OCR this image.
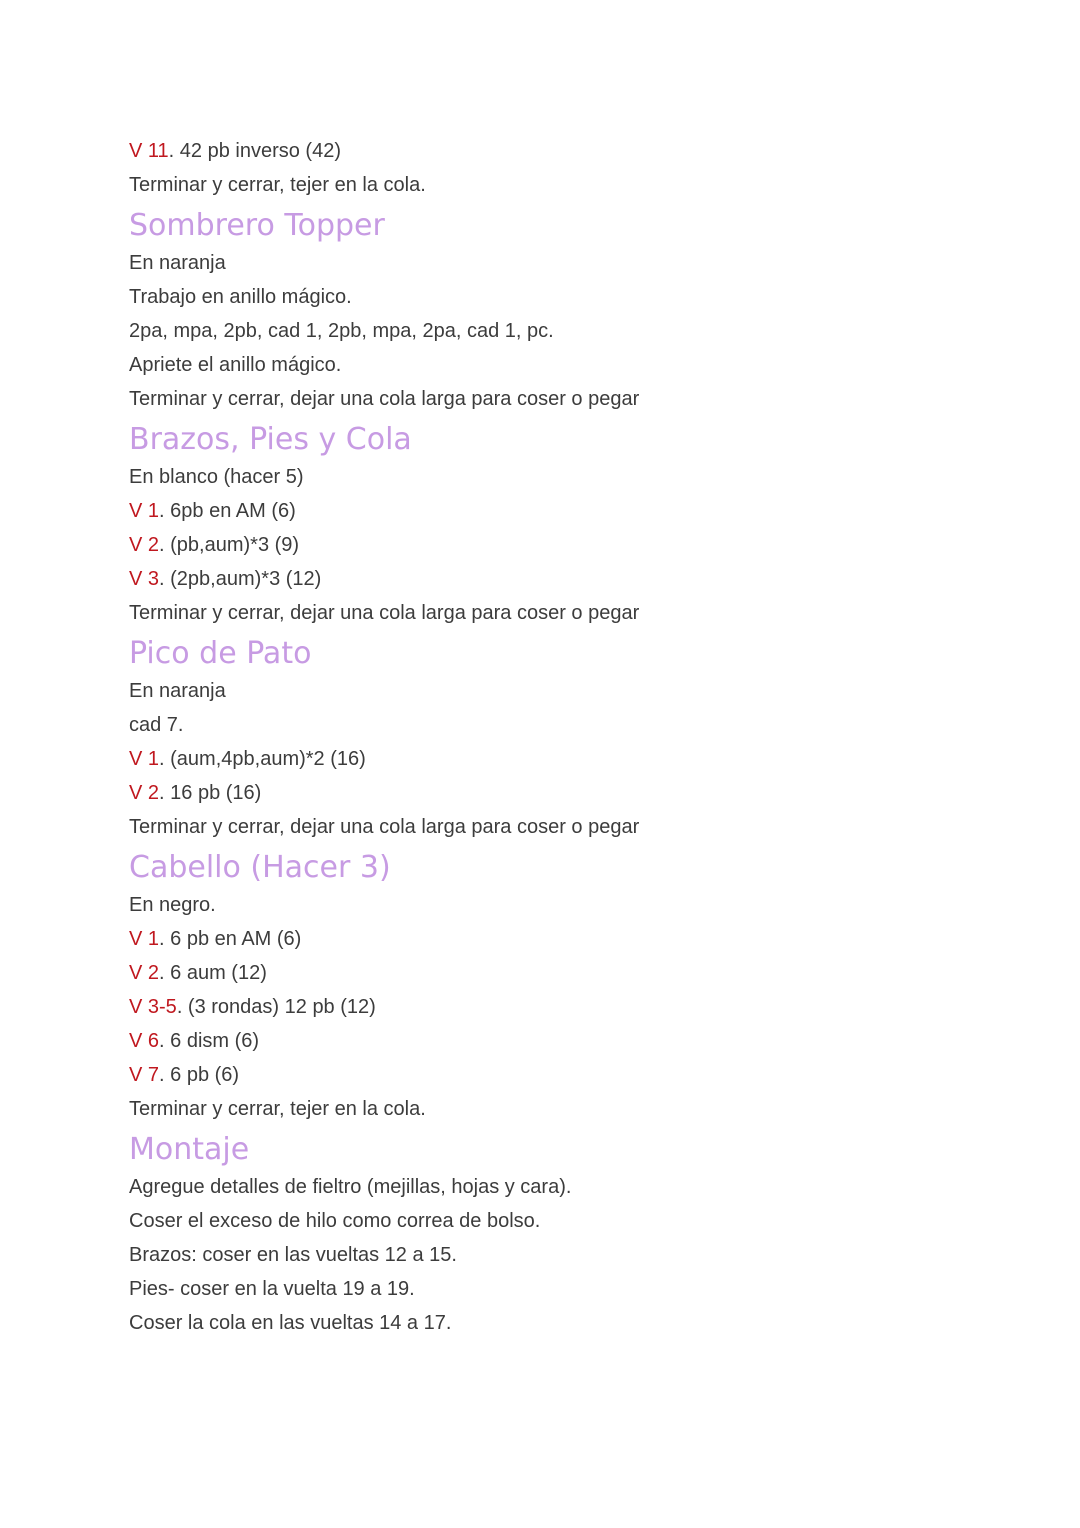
V 11. 42 pb inverso (42)
Terminar y cerrar, tejer en la cola.
Sombrero Topper
En naranja
Trabajo en anillo mágico.
2pa, mpa, 2pb, cad 1, 2pb, mpa, 2pa, cad 1, pc.
Apriete el anillo mágico.
Terminar y cerrar, dejar una cola larga para coser o pegar
Brazos, Pies y Cola
En blanco (hacer 5)
V 1. 6pb en AM (6)
V 2. (pb,aum)*3 (9)
V 3. (2pb,aum)*3 (12)
Terminar y cerrar, dejar una cola larga para coser o pegar
Pico de Pato
En naranja
cad 7.
V 1. (aum,4pb,aum)*2 (16)
V 2. 16 pb (16)
Terminar y cerrar, dejar una cola larga para coser o pegar
Cabello (Hacer 3)
En negro.
V 1. 6 pb en AM (6)
V 2. 6 aum (12)
V 3-5. (3 rondas) 12 pb (12)
V 6. 6 dism (6)
V 7. 6 pb (6)
Terminar y cerrar, tejer en la cola.
Montaje
Agregue detalles de fieltro (mejillas, hojas y cara).
Coser el exceso de hilo como correa de bolso.
Brazos: coser en las vueltas 12 a 15.
Pies- coser en la vuelta 19 a 19.
Coser la cola en las vueltas 14 a 17.
